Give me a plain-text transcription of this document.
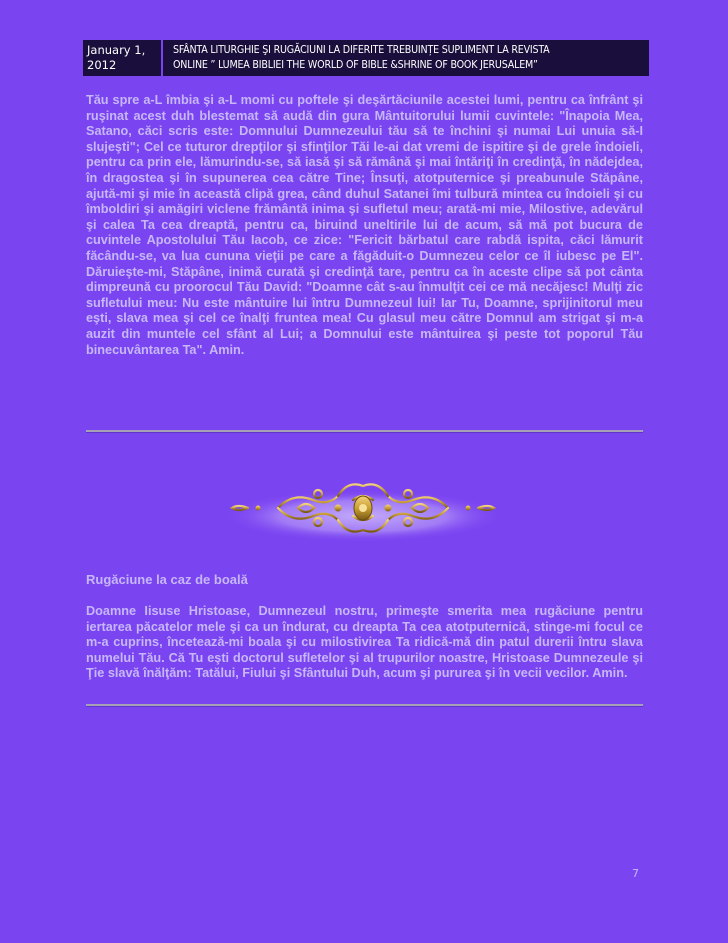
January 1,
2012
SFÂNTA LITURGHIE ŞI RUGĂCIUNI LA DIFERITE TREBUINȚE SUPLIMENT LA REVISTA
ONLINE ” LUMEA BIBLIEI THE WORLD OF BIBLE &SHRINE OF BOOK JERUSALEM”

Tău spre a-L îmbia şi a-L momi cu poftele şi deşărtăciunile acestei lumi, pentru ca înfrânt şi ruşinat acest duh blestemat să audă din gura Mântuitorului lumii cuvintele: "Înapoia Mea, Satano, căci scris este: Domnului Dumnezeului tău să te închini şi numai Lui unuia să-I slujeşti"; Cel ce tuturor drepţilor şi sfinţilor Tăi le-ai dat vremi de ispitire şi de grele îndoieli, pentru ca prin ele, lămurindu-se, să iasă şi să rămână şi mai întăriţi în credinţă, în nădejdea, în dragostea şi în supunerea cea către Tine; Însuţi, atotputernice şi preabunule Stăpâne, ajută-mi şi mie în această clipă grea, când duhul Satanei îmi tulbură mintea cu îndoieli şi cu îmboldiri şi amăgiri viclene frământă inima şi sufletul meu; arată-mi mie, Milostive, adevărul şi calea Ta cea dreaptă, pentru ca, biruind uneltirile lui de acum, să mă pot bucura de cuvintele Apostolului Tău Iacob, ce zice: "Fericit bărbatul care rabdă ispita, căci lămurit făcându-se, va lua cununa vieţii pe care a făgăduit-o Dumnezeu celor ce îl iubesc pe El". Dăruieşte-mi, Stăpâne, inimă curată şi credinţă tare, pentru ca în aceste clipe să pot cânta dimpreună cu proorocul Tău David: "Doamne cât s-au înmulţit cei ce mă necăjesc! Mulţi zic sufletului meu: Nu este mântuire lui întru Dumnezeul lui! Iar Tu, Doamne, sprijinitorul meu eşti, slava mea şi cel ce înalţi fruntea mea! Cu glasul meu către Domnul am strigat şi m-a auzit din muntele cel sfânt al Lui; a Domnului este mântuirea şi peste tot poporul Tău binecuvântarea Ta". Amin.

Rugăciune la caz de boală

Doamne Iisuse Hristoase, Dumnezeul nostru, primeşte smerita mea rugăciune pentru iertarea păcatelor mele şi ca un îndurat, cu dreapta Ta cea atotputernică, stinge-mi focul ce m-a cuprins, încetează-mi boala şi cu milostivirea Ta ridică-mă din patul durerii întru slava numelui Tău. Că Tu eşti doctorul sufletelor şi al trupurilor noastre, Hristoase Dumnezeule şi Ţie slavă înălţăm: Tatălui, Fiului şi Sfântului Duh, acum şi pururea şi în vecii vecilor. Amin.

7
